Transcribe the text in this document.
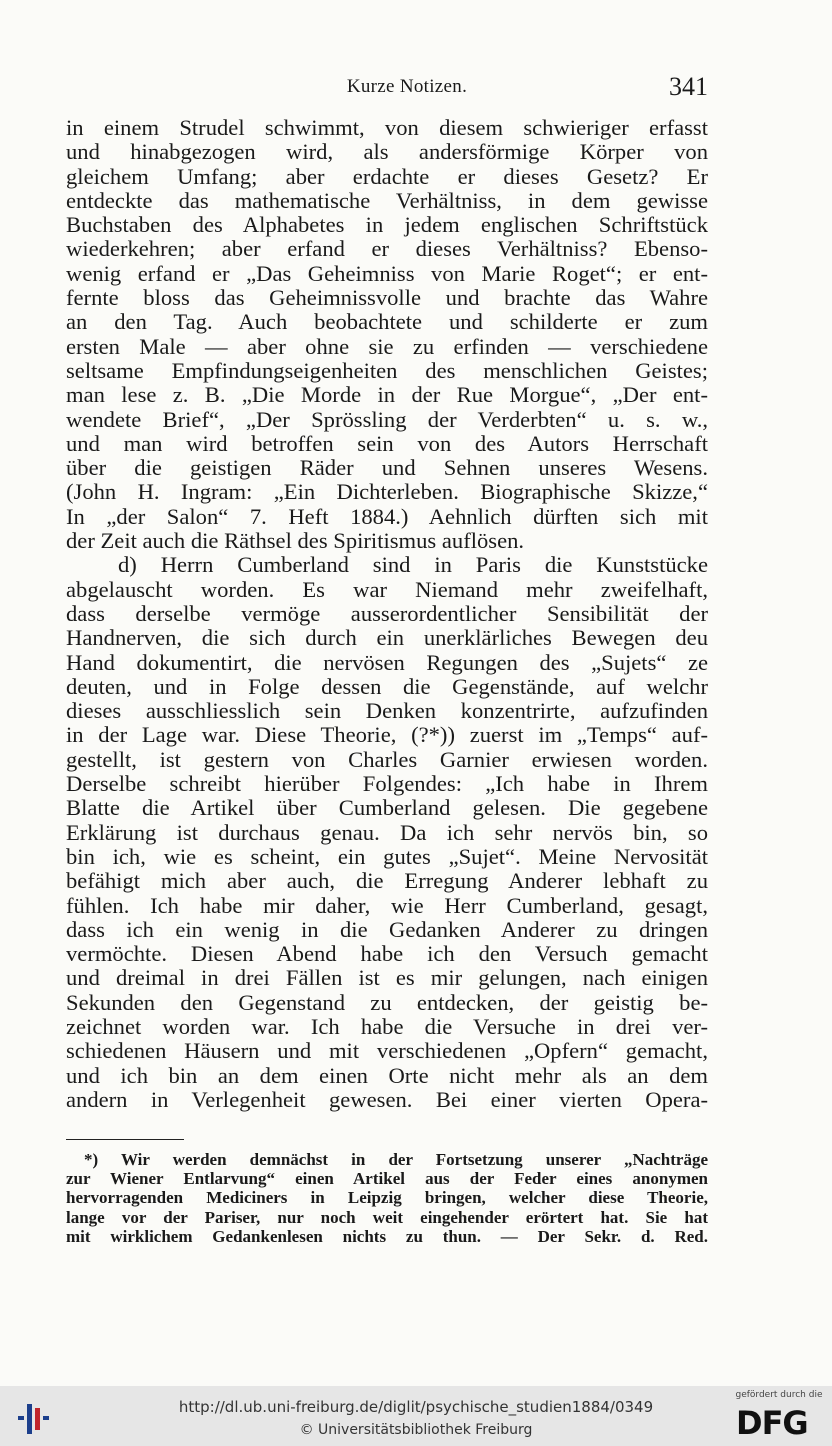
Kurze Notizen.	341
in einem Strudel schwimmt, von diesem schwieriger erfasst
und hinabgezogen wird, als andersförmige Körper von
gleichem Umfang; aber erdachte er dieses Gesetz? Er
entdeckte das mathematische Verhältniss, in dem gewisse
Buchstaben des Alphabetes in jedem englischen Schriftstück
wiederkehren; aber erfand er dieses Verhältniss? Ebenso-
wenig erfand er „Das Geheimniss von Marie Roget“; er ent-
fernte bloss das Geheimnissvolle und brachte das Wahre
an den Tag. Auch beobachtete und schilderte er zum
ersten Male — aber ohne sie zu erfinden — verschiedene
seltsame Empfindungseigenheiten des menschlichen Geistes;
man lese z. B. „Die Morde in der Rue Morgue“, „Der ent-
wendete Brief“, „Der Sprössling der Verderbten“ u. s. w.,
und man wird betroffen sein von des Autors Herrschaft
über die geistigen Räder und Sehnen unseres Wesens.
(John H. Ingram: „Ein Dichterleben. Biographische Skizze,“
In „der Salon“ 7. Heft 1884.) Aehnlich dürften sich mit
der Zeit auch die Räthsel des Spiritismus auflösen.
d) Herrn Cumberland sind in Paris die Kunststücke
abgelauscht worden. Es war Niemand mehr zweifelhaft,
dass derselbe vermöge ausserordentlicher Sensibilität der
Handnerven, die sich durch ein unerklärliches Bewegen deu
Hand dokumentirt, die nervösen Regungen des „Sujets“ ze
deuten, und in Folge dessen die Gegenstände, auf welchr
dieses ausschliesslich sein Denken konzentrirte, aufzufinden
in der Lage war. Diese Theorie, (?*)) zuerst im „Temps“ auf-
gestellt, ist gestern von Charles Garnier erwiesen worden.
Derselbe schreibt hierüber Folgendes: „Ich habe in Ihrem
Blatte die Artikel über Cumberland gelesen. Die gegebene
Erklärung ist durchaus genau. Da ich sehr nervös bin, so
bin ich, wie es scheint, ein gutes „Sujet“. Meine Nervosität
befähigt mich aber auch, die Erregung Anderer lebhaft zu
fühlen. Ich habe mir daher, wie Herr Cumberland, gesagt,
dass ich ein wenig in die Gedanken Anderer zu dringen
vermöchte. Diesen Abend habe ich den Versuch gemacht
und dreimal in drei Fällen ist es mir gelungen, nach einigen
Sekunden den Gegenstand zu entdecken, der geistig be-
zeichnet worden war. Ich habe die Versuche in drei ver-
schiedenen Häusern und mit verschiedenen „Opfern“ gemacht,
und ich bin an dem einen Orte nicht mehr als an dem
andern in Verlegenheit gewesen. Bei einer vierten Opera-
*) Wir werden demnächst in der Fortsetzung unserer „Nachträge
zur Wiener Entlarvung“ einen Artikel aus der Feder eines anonymen
hervorragenden Mediciners in Leipzig bringen, welcher diese Theorie,
lange vor der Pariser, nur noch weit eingehender erörtert hat. Sie hat
mit wirklichem Gedankenlesen nichts zu thun. — Der Sekr. d. Red.
http://dl.ub.uni-freiburg.de/diglit/psychische_studien1884/0349
© Universitätsbibliothek Freiburg
gefördert durch die
DFG
